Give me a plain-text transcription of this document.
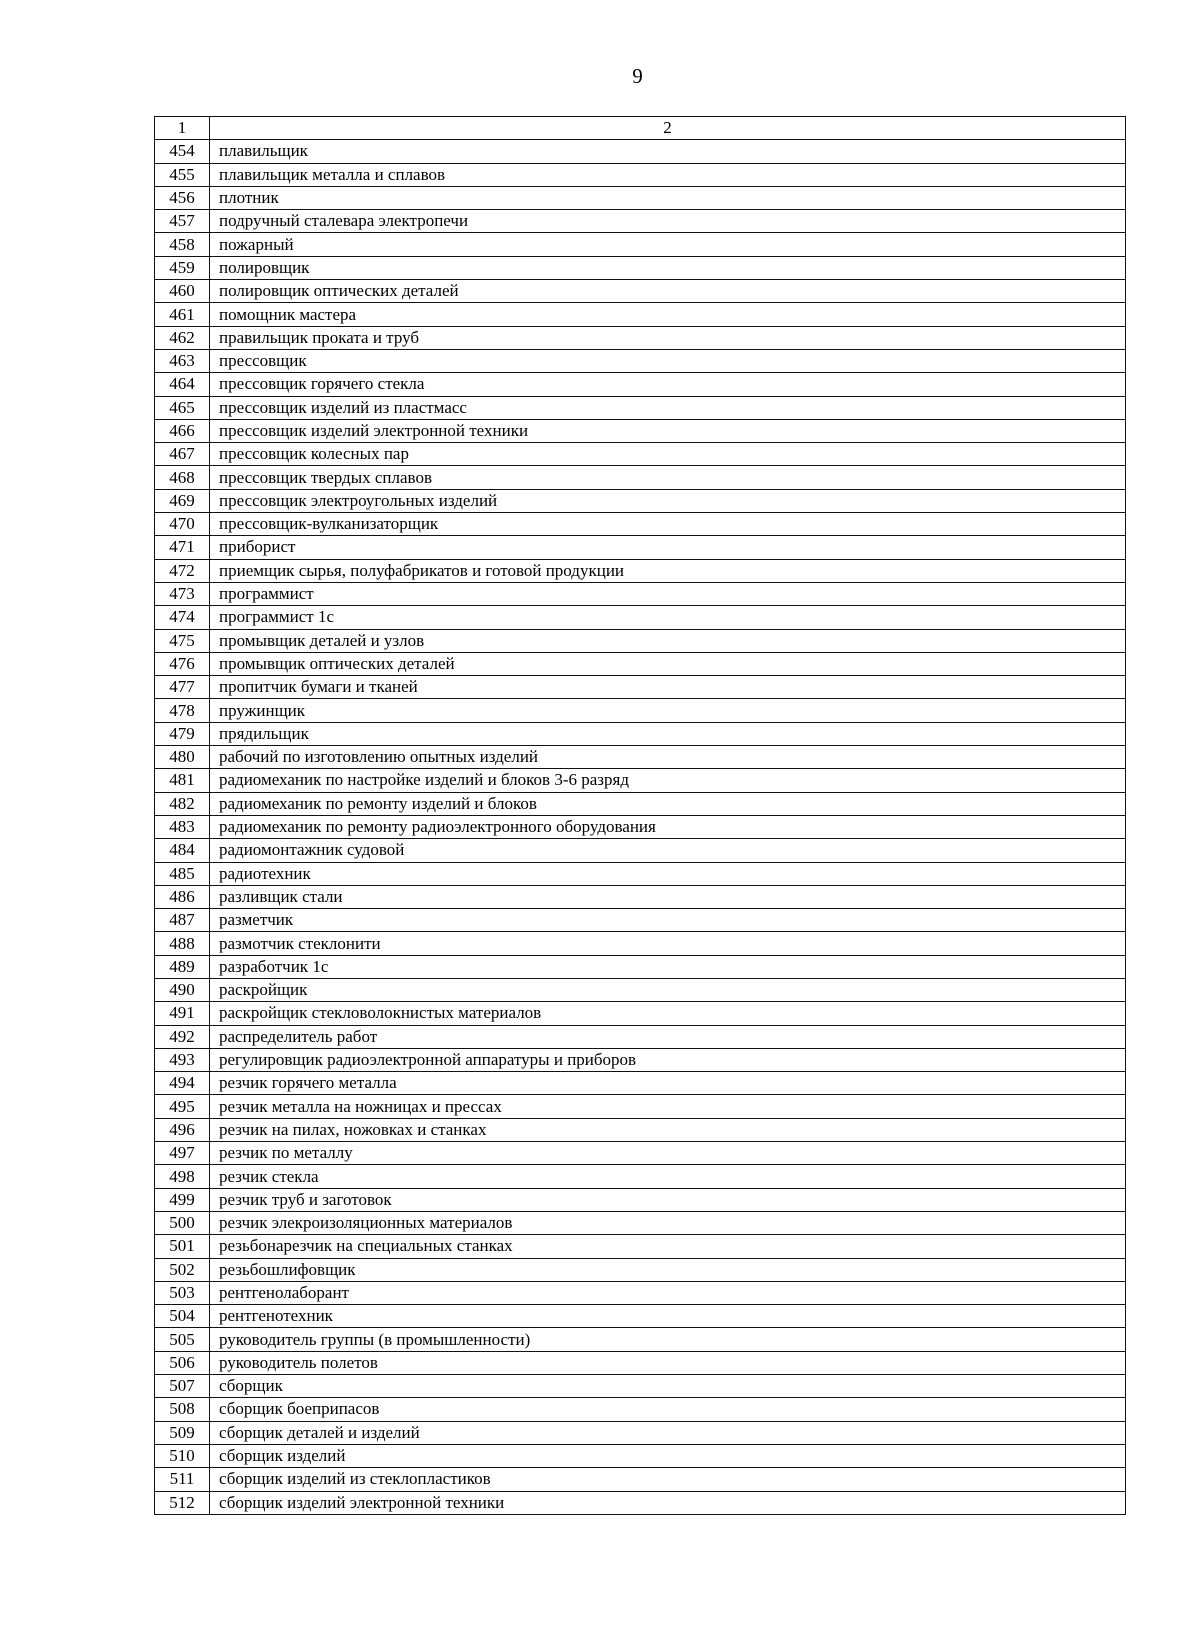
9
1	2
454	плавильщик
455	плавильщик металла и сплавов
456	плотник
457	подручный сталевара электропечи
458	пожарный
459	полировщик
460	полировщик оптических деталей
461	помощник мастера
462	правильщик проката и труб
463	прессовщик
464	прессовщик горячего стекла
465	прессовщик изделий из пластмасс
466	прессовщик изделий электронной техники
467	прессовщик колесных пар
468	прессовщик твердых сплавов
469	прессовщик электроугольных изделий
470	прессовщик-вулканизаторщик
471	приборист
472	приемщик сырья, полуфабрикатов и готовой продукции
473	программист
474	программист 1с
475	промывщик деталей и узлов
476	промывщик оптических деталей
477	пропитчик бумаги и тканей
478	пружинщик
479	прядильщик
480	рабочий по изготовлению опытных изделий
481	радиомеханик по настройке изделий и блоков 3-6 разряд
482	радиомеханик по ремонту изделий и блоков
483	радиомеханик по ремонту радиоэлектронного оборудования
484	радиомонтажник судовой
485	радиотехник
486	разливщик стали
487	разметчик
488	размотчик стеклонити
489	разработчик 1с
490	раскройщик
491	раскройщик стекловолокнистых материалов
492	распределитель работ
493	регулировщик радиоэлектронной аппаратуры и приборов
494	резчик горячего металла
495	резчик металла на ножницах и прессах
496	резчик на пилах, ножовках и станках
497	резчик по металлу
498	резчик стекла
499	резчик труб и заготовок
500	резчик элекроизоляционных материалов
501	резьбонарезчик на специальных станках
502	резьбошлифовщик
503	рентгенолаборант
504	рентгенотехник
505	руководитель группы (в промышленности)
506	руководитель полетов
507	сборщик
508	сборщик боеприпасов
509	сборщик деталей и изделий
510	сборщик изделий
511	сборщик изделий из стеклопластиков
512	сборщик изделий электронной техники
